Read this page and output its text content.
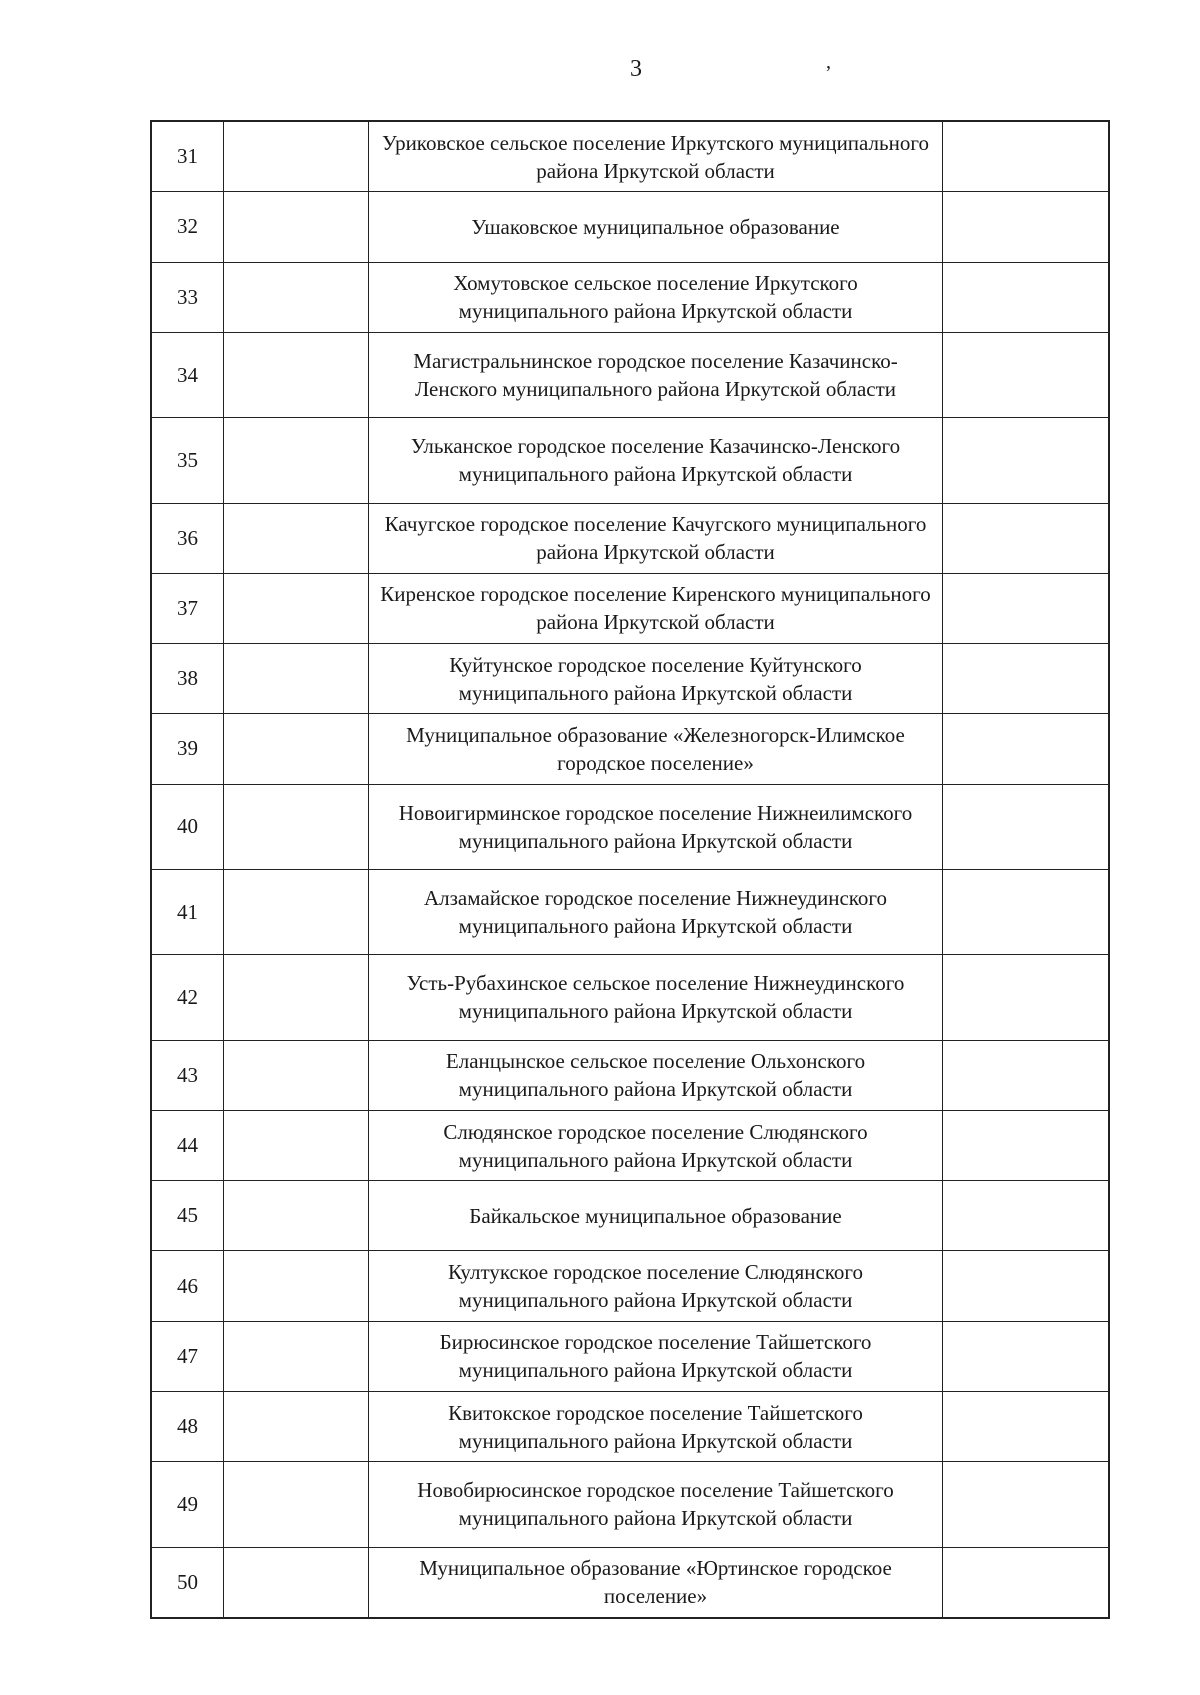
3	’
31		Уриковское сельское поселение Иркутского муниципального района Иркутской области	
32		Ушаковское муниципальное образование	
33		Хомутовское сельское поселение Иркутского муниципального района Иркутской области	
34		Магистральнинское городское поселение Казачинско-Ленского муниципального района Иркутской области	
35		Ульканское городское поселение Казачинско-Ленского муниципального района Иркутской области	
36		Качугское городское поселение Качугского муниципального района Иркутской области	
37		Киренское городское поселение Киренского муниципального района Иркутской области	
38		Куйтунское городское поселение Куйтунского муниципального района Иркутской области	
39		Муниципальное образование «Железногорск-Илимское городское поселение»	
40		Новоигирминское городское поселение Нижнеилимского муниципального района Иркутской области	
41		Алзамайское городское поселение Нижнеудинского муниципального района Иркутской области	
42		Усть-Рубахинское сельское поселение Нижнеудинского муниципального района Иркутской области	
43		Еланцынское сельское поселение Ольхонского муниципального района Иркутской области	
44		Слюдянское городское поселение Слюдянского муниципального района Иркутской области	
45		Байкальское муниципальное образование	
46		Култукское городское поселение Слюдянского муниципального района Иркутской области	
47		Бирюсинское городское поселение Тайшетского муниципального района Иркутской области	
48		Квитокское городское поселение Тайшетского муниципального района Иркутской области	
49		Новобирюсинское городское поселение Тайшетского муниципального района Иркутской области	
50		Муниципальное образование «Юртинское городское поселение»	
